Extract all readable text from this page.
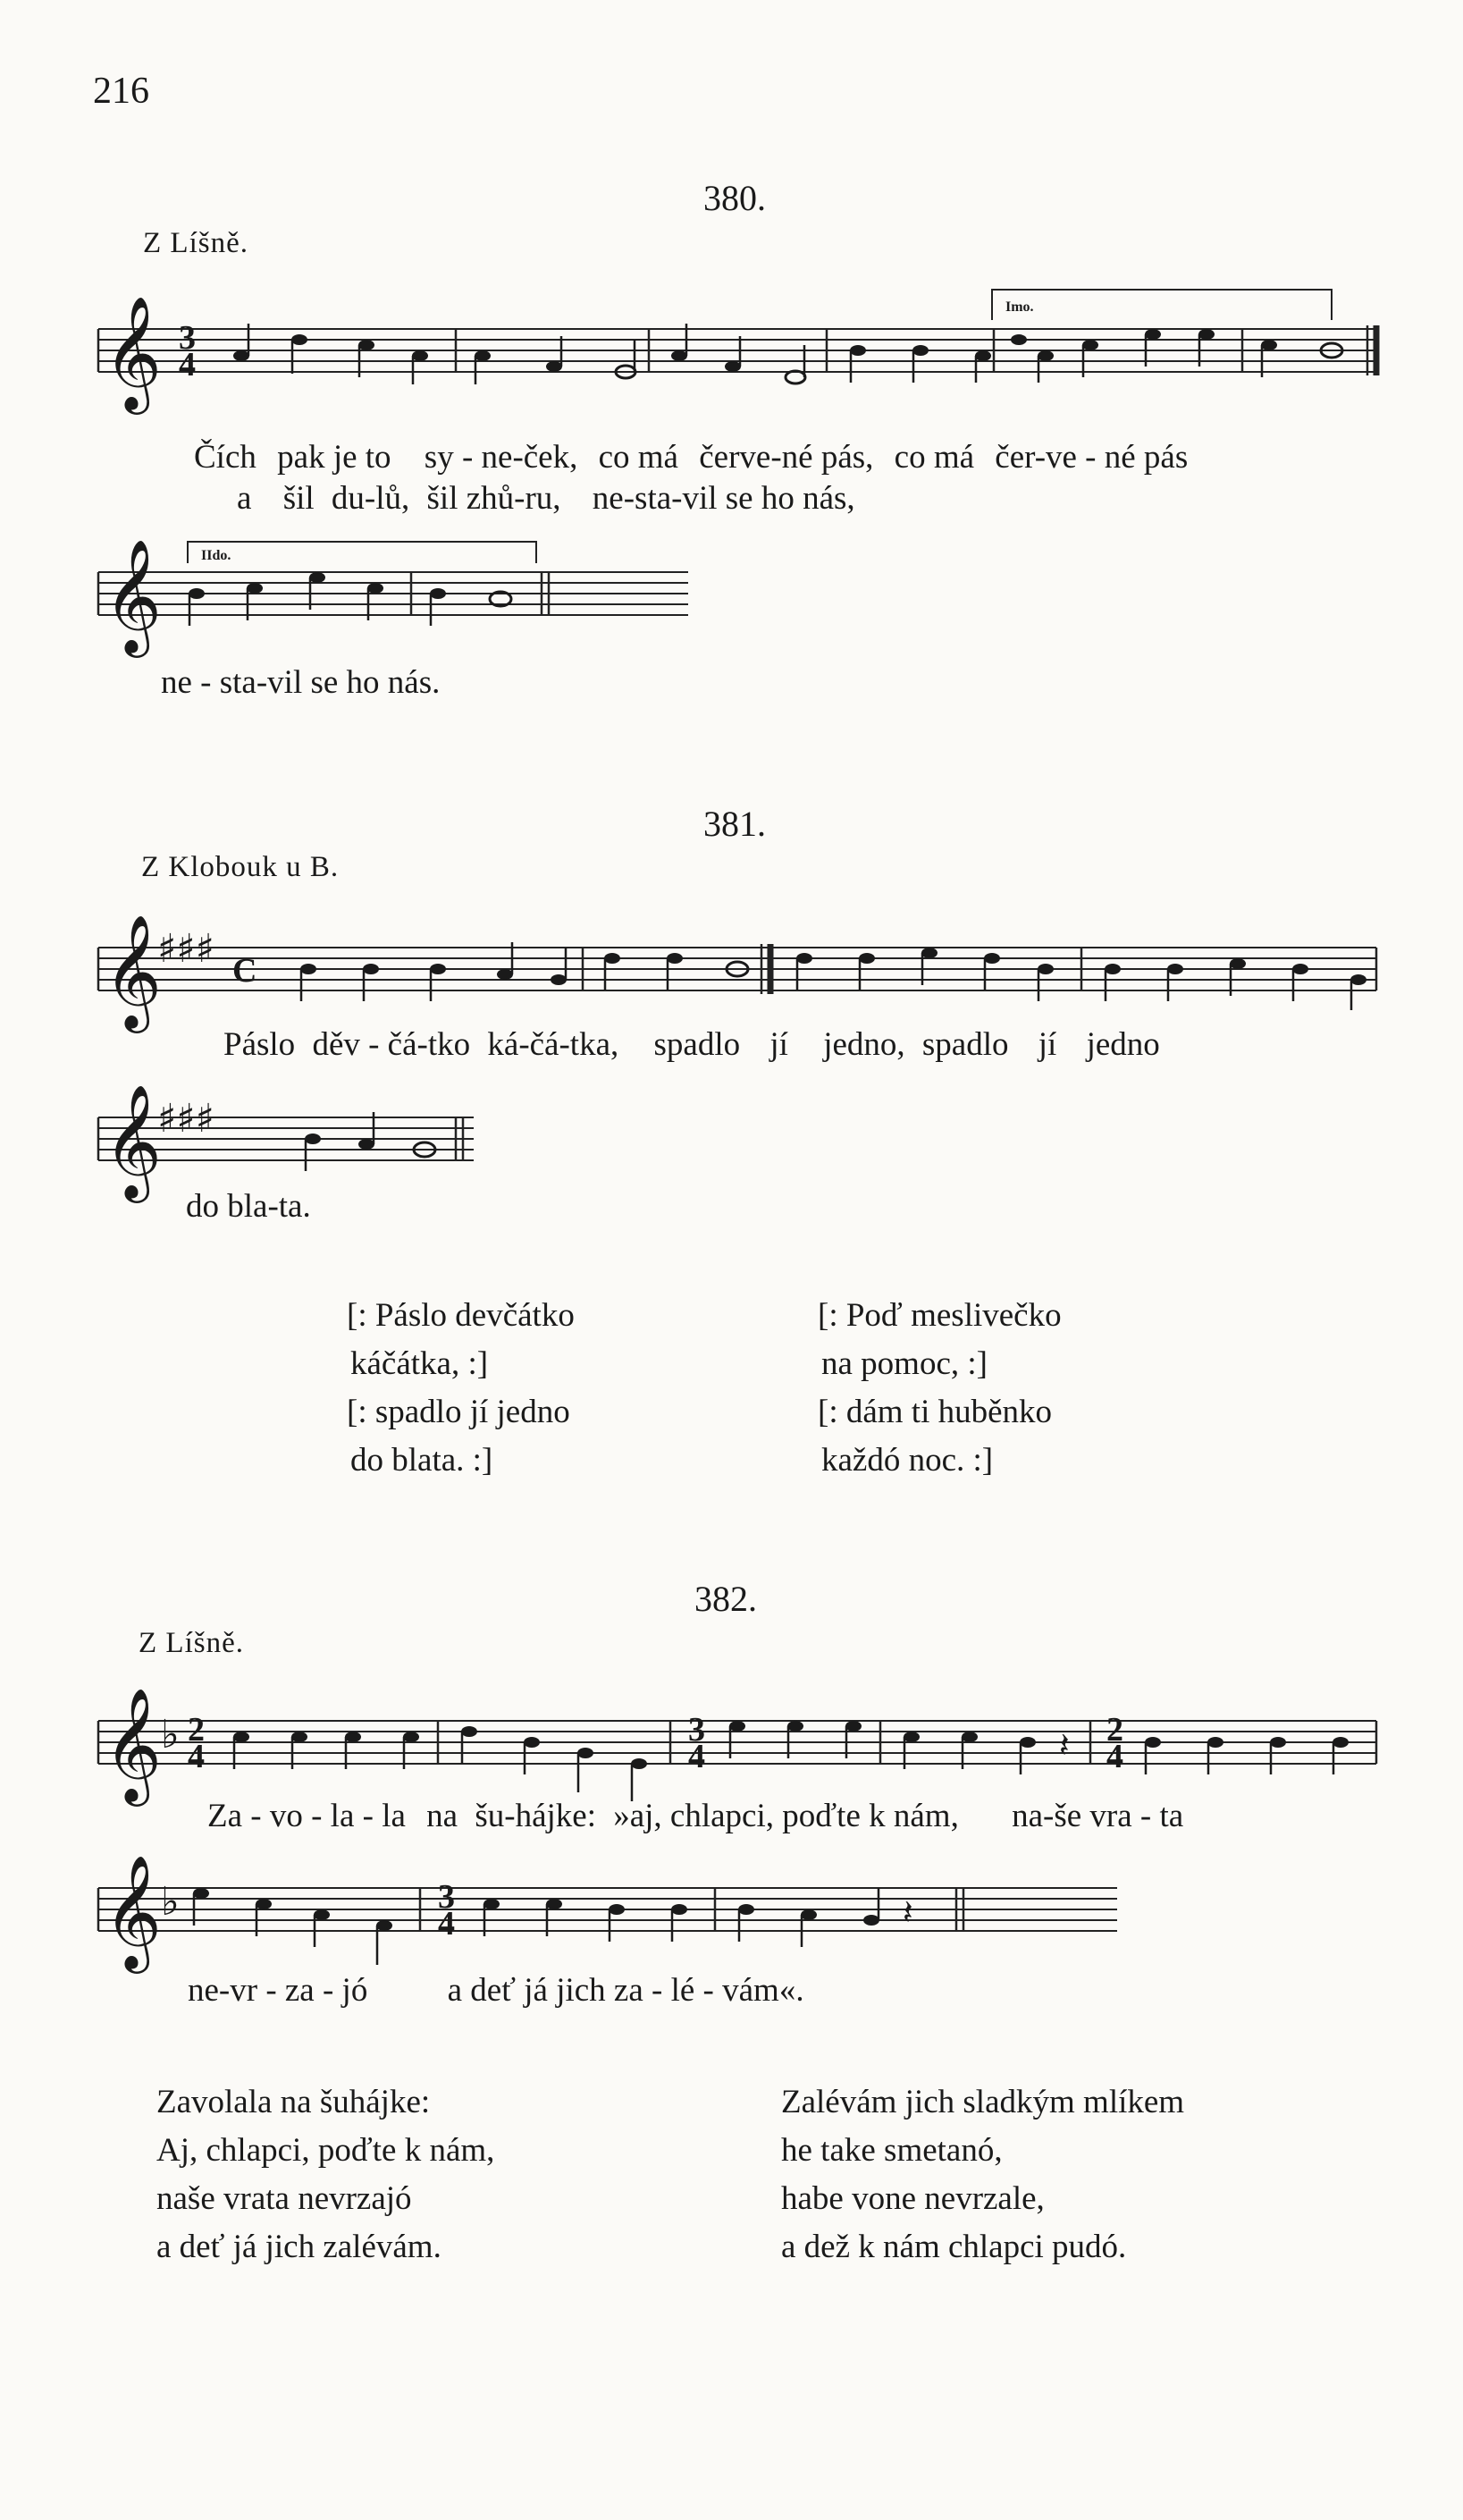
216
380.
Z Líšně.
𝄞 3
4
Imo.
Čích pak je to sy - ne-ček, co má červe-né pás, co má čer-ve - né pás
a šil du-lů, šil zhů-ru, ne-sta-vil se ho nás,
𝄞	IIdo.
ne - sta-vil se ho nás.
381.
Z Klobouk u B.
𝄞
♯♯♯ C
Páslo děv - čá-tko ká-čá-tka, spadlo jí jedno, spadlo jí jedno
𝄞
♯♯♯
do bla-ta.
[: Páslo devčátko
káčátka, :]
[: spadlo jí jedno
do blata. :]
[: Poď meslivečko
na pomoc, :]
[: dám ti huběnko
každó noc. :]
382.
Z Líšně.
𝄞
♭ 2
4
3
4	𝄽 2
4
Za - vo - la - la na šu-hájke: »aj, chlapci, poďte k nám, na-še vra - ta
𝄞
♭	3
4	𝄽
ne-vr - za - jó a deť já jich za - lé - vám«.
Zavolala na šuhájke:
Aj, chlapci, poďte k nám,
naše vrata nevrzajó
a deť já jich zalévám.
Zalévám jich sladkým mlíkem
he take smetanó,
habe vone nevrzale,
a dež k nám chlapci pudó.
